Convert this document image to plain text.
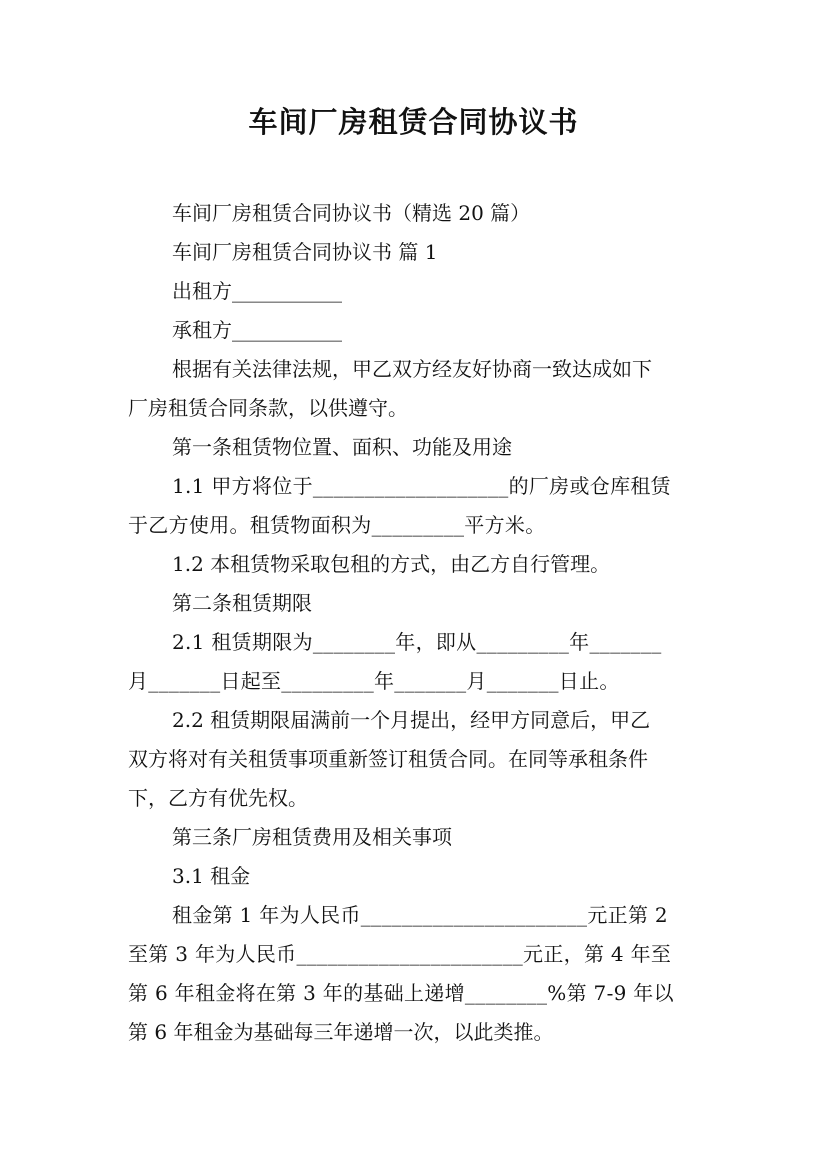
车间厂房租赁合同协议书

车间厂房租赁合同协议书（精选 20 篇）

车间厂房租赁合同协议书 篇 1

出租方___________

承租方___________

根据有关法律法规，甲乙双方经友好协商一致达成如下

厂房租赁合同条款，以供遵守。

第一条租赁物位置、面积、功能及用途

1.1 甲方将位于___________________的厂房或仓库租赁

于乙方使用。租赁物面积为_________平方米。

1.2 本租赁物采取包租的方式，由乙方自行管理。

第二条租赁期限

2.1 租赁期限为________年，即从_________年_______

月_______日起至_________年_______月_______日止。

2.2 租赁期限届满前一个月提出，经甲方同意后，甲乙

双方将对有关租赁事项重新签订租赁合同。在同等承租条件

下，乙方有优先权。

第三条厂房租赁费用及相关事项

3.1 租金

租金第 1 年为人民币______________________元正第 2

至第 3 年为人民币______________________元正，第 4 年至

第 6 年租金将在第 3 年的基础上递增________%第 7-9 年以

第 6 年租金为基础每三年递增一次，以此类推。
